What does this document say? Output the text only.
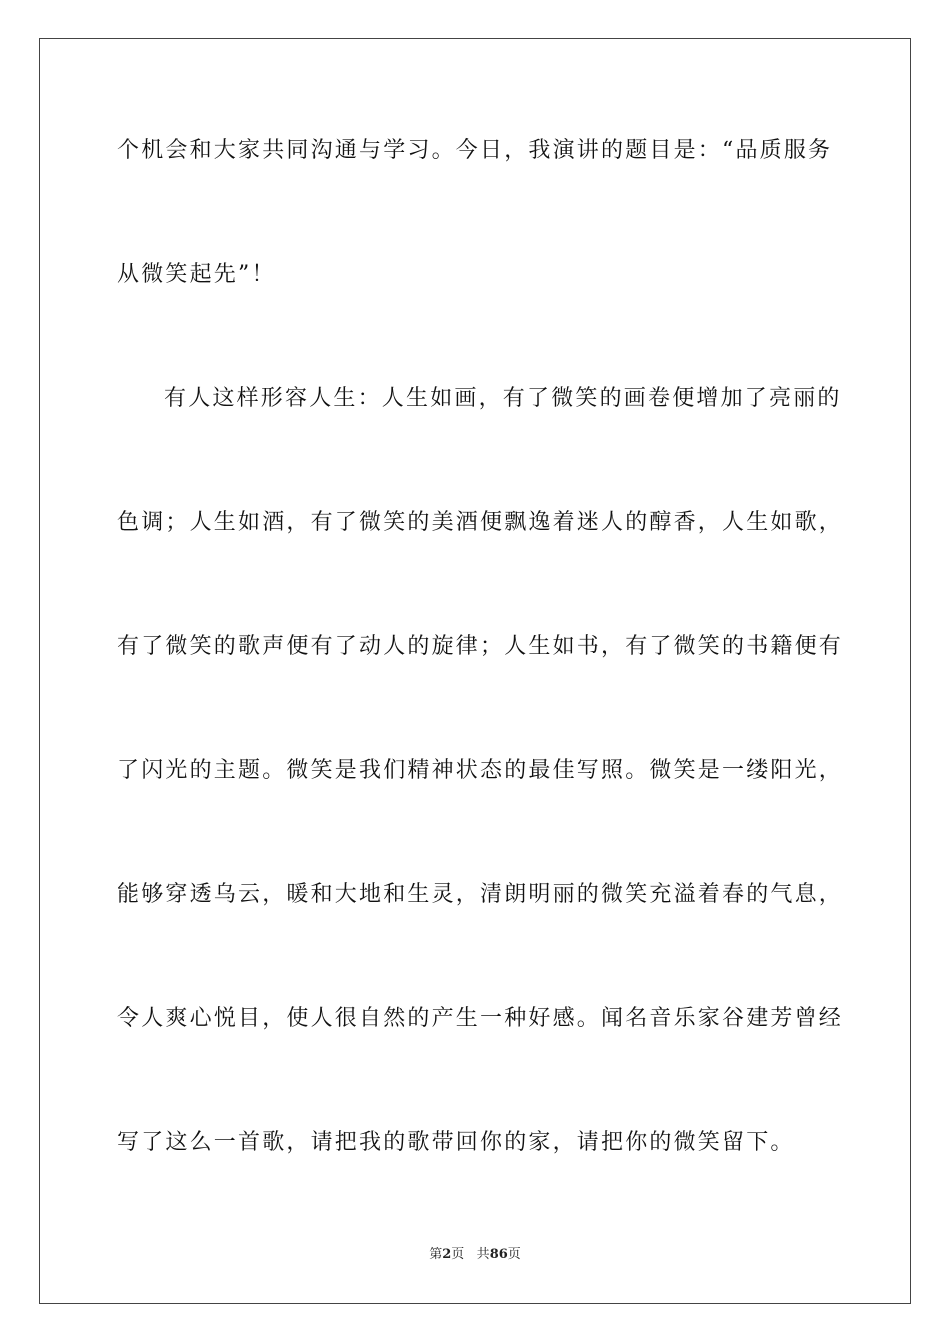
个机会和大家共同沟通与学习。今日，我演讲的题目是：“品质服务
从微笑起先”！
有人这样形容人生：人生如画，有了微笑的画卷便增加了亮丽的
色调；人生如酒，有了微笑的美酒便飘逸着迷人的醇香，人生如歌，
有了微笑的歌声便有了动人的旋律；人生如书，有了微笑的书籍便有
了闪光的主题。微笑是我们精神状态的最佳写照。微笑是一缕阳光，
能够穿透乌云，暖和大地和生灵，清朗明丽的微笑充溢着春的气息，
令人爽心悦目，使人很自然的产生一种好感。闻名音乐家谷建芳曾经
写了这么一首歌，请把我的歌带回你的家，请把你的微笑留下。
第2页 共86页
